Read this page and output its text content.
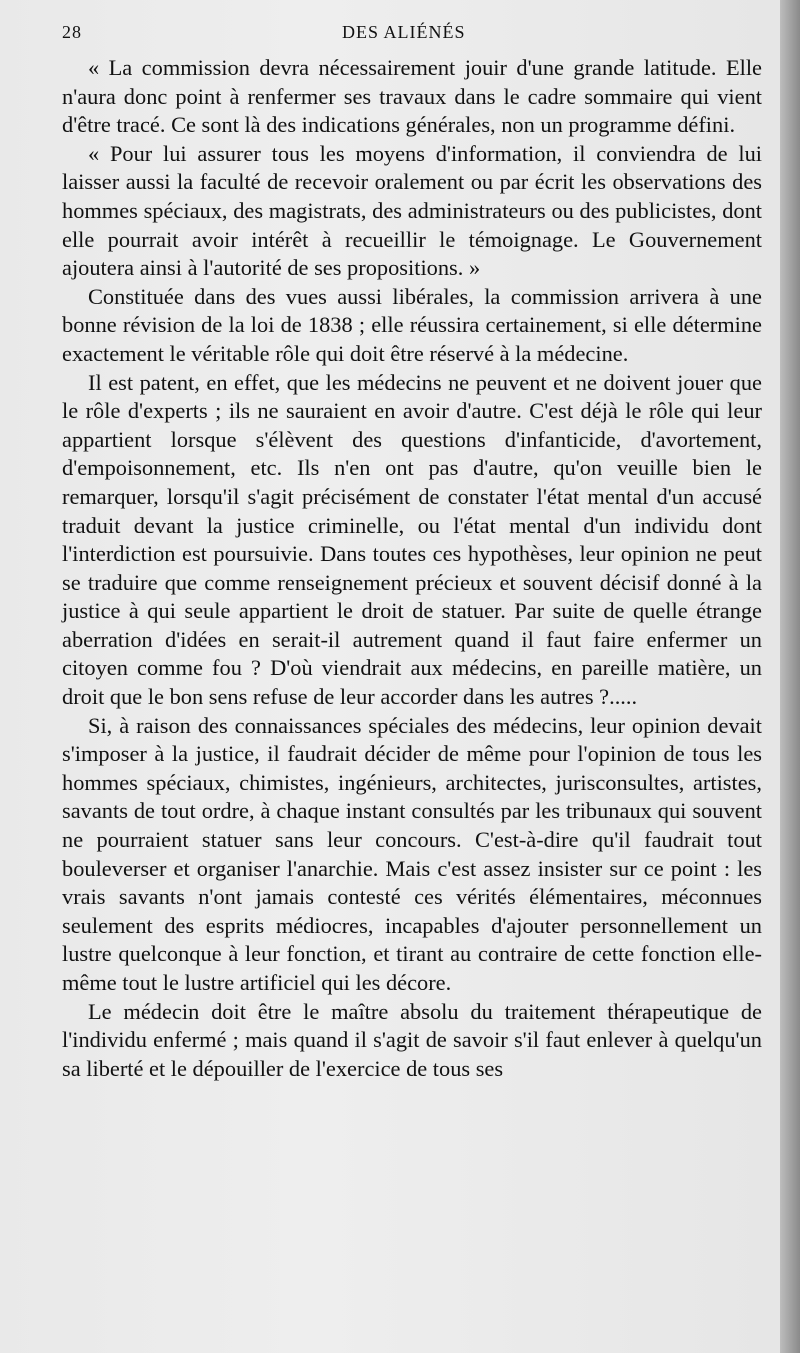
28	DES ALIÉNÉS

« La commission devra nécessairement jouir d'une grande latitude. Elle n'aura donc point à renfermer ses travaux dans le cadre sommaire qui vient d'être tracé. Ce sont là des indications générales, non un programme défini.

« Pour lui assurer tous les moyens d'information, il conviendra de lui laisser aussi la faculté de recevoir oralement ou par écrit les observations des hommes spéciaux, des magistrats, des administrateurs ou des publicistes, dont elle pourrait avoir intérêt à recueillir le témoignage. Le Gouvernement ajoutera ainsi à l'autorité de ses propositions. »

Constituée dans des vues aussi libérales, la commission arrivera à une bonne révision de la loi de 1838 ; elle réussira certainement, si elle détermine exactement le véritable rôle qui doit être réservé à la médecine.

Il est patent, en effet, que les médecins ne peuvent et ne doivent jouer que le rôle d'experts ; ils ne sauraient en avoir d'autre. C'est déjà le rôle qui leur appartient lorsque s'élèvent des questions d'infanticide, d'avortement, d'empoisonnement, etc. Ils n'en ont pas d'autre, qu'on veuille bien le remarquer, lorsqu'il s'agit précisément de constater l'état mental d'un accusé traduit devant la justice criminelle, ou l'état mental d'un individu dont l'interdiction est poursuivie. Dans toutes ces hypothèses, leur opinion ne peut se traduire que comme renseignement précieux et souvent décisif donné à la justice à qui seule appartient le droit de statuer. Par suite de quelle étrange aberration d'idées en serait-il autrement quand il faut faire enfermer un citoyen comme fou ? D'où viendrait aux médecins, en pareille matière, un droit que le bon sens refuse de leur accorder dans les autres ?.....

Si, à raison des connaissances spéciales des médecins, leur opinion devait s'imposer à la justice, il faudrait décider de même pour l'opinion de tous les hommes spéciaux, chimistes, ingénieurs, architectes, jurisconsultes, artistes, savants de tout ordre, à chaque instant consultés par les tribunaux qui souvent ne pourraient statuer sans leur concours. C'est-à-dire qu'il faudrait tout bouleverser et organiser l'anarchie. Mais c'est assez insister sur ce point : les vrais savants n'ont jamais contesté ces vérités élémentaires, méconnues seulement des esprits médiocres, incapables d'ajouter personnellement un lustre quelconque à leur fonction, et tirant au contraire de cette fonction elle-même tout le lustre artificiel qui les décore.

Le médecin doit être le maître absolu du traitement thérapeutique de l'individu enfermé ; mais quand il s'agit de savoir s'il faut enlever à quelqu'un sa liberté et le dépouiller de l'exercice de tous ses
